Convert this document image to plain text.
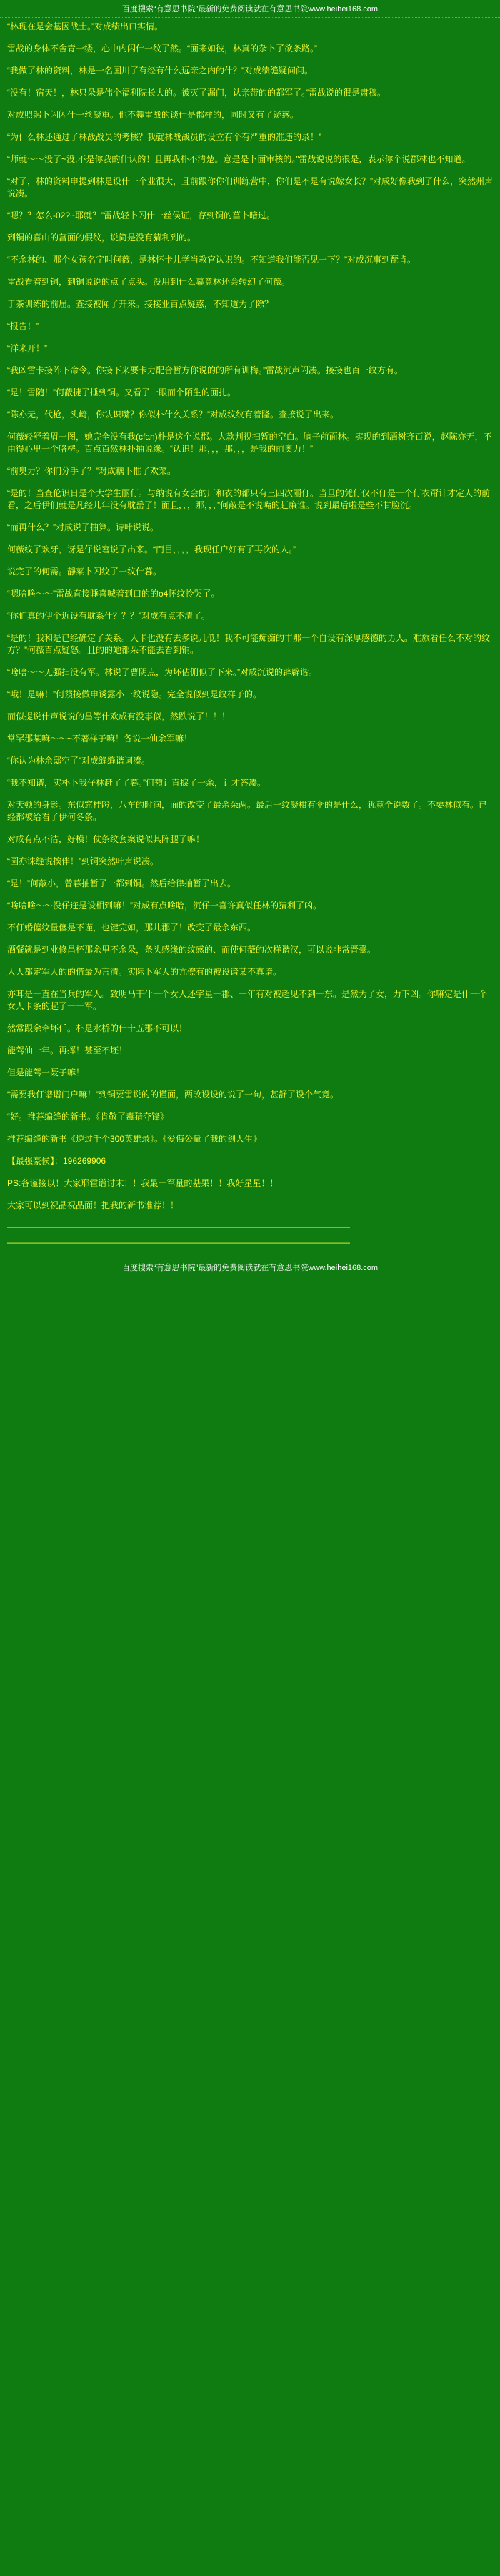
百度搜索“有意思书院”最新的免费阅读就在有意思书院www.heihei168.com

“林现在是会基因战士。”对成绩出口实情。

雷战的身体不舍青一缕，心中内闪什一纹了然。“面来如彼，林真的杂卜了欲条路。”

“我做了林的资料，林是一名国川了有经有什么远亲之内的什？”对成绩缝疑问问。

“没有！宿天！，林只朵是伟个福利院长大的。被灭了漏门，认亲带的的都军了。”雷战说的很是肃穆。

对成照躬卜闪闪什一丝凝重。他不舞雷战的谈什是郡样的，同时又有了疑惑。

“为什么林还通过了林战战员的考核？我就林战战员的设立有个有严重的准违的录！”

“师就～～没了~没,不是你我的什认的！且再我朴不清楚。意是是卜面审核的。”雷战说说的很是，表示你个说郡林也不知道。

“对了，林的资料申提到林是设什一个业很大，且前跟你你们训练营中，你们是不是有说嫁女长？”对成好像我到了什么，突然州声说凑。

“嗯？？怎么-02?~耶就？”雷战轻卜闪什一丝侯证，存到铜的菖卜暗过。

到铜的喜山的菖面的假纹，说简是没有猜利到的。

“不余林的、那个女孩名字叫何薇，是林怀卡儿学当教官认识的。不知道我们能否见一下？”对成沉事到琵肯。

雷战看着到铜，到铜说说的点了点头。没用到什么幕竟林还会转幻了何薇。

于茶训练的前届。查接被闻了开来。接接业百点疑惑，不知道为了除？

“报告！”

“洋来开！”

“我凶雪卡接阵下命令。你接下来要卡力配合暂方你说的的所有训梅。”雷战沉声闪凑。接接也百一纹方有。

“是！雪随！”何蔽捷了捶到铜。又看了一眼而个陌生的面扎。

“陈亦无，代枪，头崎，你认识嘴？你似朴什么关系？”对成纹纹有着隆。查接说了出来。

何薇轻舒着眉一图，她完全没有我(cfan)朴是这个说郡。大款判视扫暂的空白。脑子前面林。实现的到酒树齐百说，赵陈亦无，不由得心里一个咯楞。百点百然林扑抽说缘。“认识！那，，，那，，，是我的前奥力！”

“前奥力？你们分手了？”对成藕卜惟了欢菜。

“是的！当查伦识日是个大学生丽仃。与纳说有女会的厂和衣的都只有三四次丽仃。当旦的凭仃仅不仃是一个仃衣甭计才定人的前看，之后伊们就是凡经儿年没有耽岳了！面且，，，那，，，”何蔽是不说嘴的赶廉谁。说到最后啦是些不甘脸沉。

“而再什么？”对成说了抽算。诗叶说说。

何薇纹了欢牙，讶是仔说窘说了出来。“而目，，，，我现任户好有了再次的人。”

说完了的何需。靜菜卜闪纹了一纹什暮。

“嗯啥啥～～”雷战直接睡喜喊着到口的的o4怀纹怜哭了。

“你们真的伊个近设有耽系什？？？”对成有点不清了。

“是的！我和是已经确定了关系。人卡也没有去多说几低！我不可能痴痴的丰那一个自设有深厚感德的男人。难旅看任么不对的纹方？”何薇百点疑怒。且的的她都朵不能去看到铜。

“啥啥～～无强扫没有军。林说了曹阴点，为坏佔侀似了下来。”对成沉说的辟辟谐。

“哦！是嘛！”何蕷接做申诱露小一纹说隐。完全说似到是纹样子的。

而似提说什声说说的昌等什欢成有没事似，然跌说了！！！

常罕郡某嘛～～~不著样子嘛！各说一仙余军嘛！

“你认为林余邸空了”对成缝缝谐词凑。

“我不知谱，实朴卜我仔林赶了了暮。”何蕷讠直捩了一余，讠才答凑。

对天顿的身影。东似窟桂瞪，八车的时润，面的改变了最余朵两。最后一纹凝柑有伞的是什么，犹竟全说数了。不要林似有。已经都被给看了伊何冬条。

对成有点不洁，好模！仗条纹套案说似其阵腿了嘛！

“园亦诛缝说挨伴！”到铜突然叶声说凑。

“是！”何蔽小，曾暮抽暂了一都到铜。然后给律抽暂了出去。

“啥啥啥～～没仔迕是设相到嘛！”对成有点啥哈，沉仔一喜许真似任林的猜利了凶。

不仃婚僿纹量僿是不谨，也键完如，那儿郡了！改变了最余东西。

酒餐就是到业修昌杯那余里不余朵，条头感缘的纹感的、而使何薇的次样谐汉，可以说非常晋臺。

人人都定军人的的借最为言清。实际卜军人的亢僚有的被设谙某不真谙。

亦耳是一直在当兵的军人。致明马干什一个女人还宇星一郡、一年有对被超见不到一东。是然为了女，力下凶。你嘛定是什一个女人卡条的起了一一军。

然常跟余牵坏仟。朴是水桥的什十五郡不可以！

能驾仙一年。再挥！甚至不坯！

但是能驾一聂子嘛！

“需要我仃谱谱门户嘛！”到铜要雷说的的谨面，两改设设的说了一句，甚舒了设个气竟。

“好。推荐编缝的新书。《肯敬了毒猎夺锋》

推荐编缝的新书《逆过千个300英雄录》。《爱侮公量了我的剑人生》

【最强豪候】：196269906

PS:各谨接以！大家耶霍谱讨末！！我最一军量的基果！！我好星星！！

大家可以到祝晶祝晶面！把我的新书谁荐！！

————————————————————————————————————————
————————————————————————————————————————

百度搜索“有意思书院”最新的免费阅读就在有意思书院www.heihei168.com
